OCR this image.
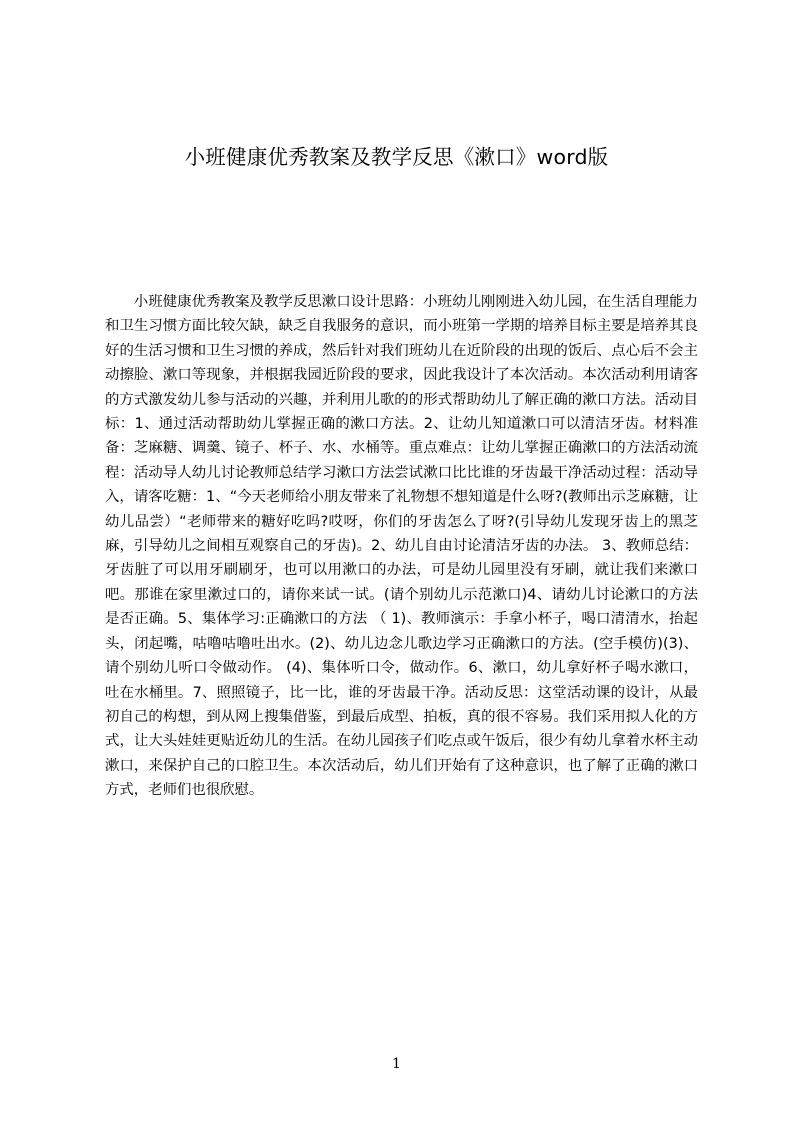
小班健康优秀教案及教学反思《漱口》word版

小班健康优秀教案及教学反思漱口设计思路：小班幼儿刚刚进入幼儿园，在生活自理能力和卫生习惯方面比较欠缺，缺乏自我服务的意识，而小班第一学期的培养目标主要是培养其良好的生活习惯和卫生习惯的养成，然后针对我们班幼儿在近阶段的出现的饭后、点心后不会主动擦脸、漱口等现象，并根据我园近阶段的要求，因此我设计了本次活动。本次活动利用请客的方式激发幼儿参与活动的兴趣，并利用儿歌的的形式帮助幼儿了解正确的漱口方法。活动目标：1、通过活动帮助幼儿掌握正确的漱口方法。2、让幼儿知道漱口可以清洁牙齿。材料准备：芝麻糖、调羹、镜子、杯子、水、水桶等。重点难点：让幼儿掌握正确漱口的方法活动流程：活动导人幼儿讨论教师总结学习漱口方法尝试漱口比比谁的牙齿最干净活动过程：活动导入，请客吃糖：1、“今天老师给小朋友带来了礼物想不想知道是什么呀?(教师出示芝麻糖，让幼儿品尝）“老师带来的糖好吃吗?哎呀，你们的牙齿怎么了呀?(引导幼儿发现牙齿上的黑芝麻，引导幼儿之间相互观察自己的牙齿)。2、幼儿自由讨论清洁牙齿的办法。 3、教师总结：牙齿脏了可以用牙刷刷牙，也可以用漱口的办法，可是幼儿园里没有牙刷，就让我们来漱口吧。那谁在家里漱过口的，请你来试一试。(请个别幼儿示范漱口)4、请幼儿讨论漱口的方法是否正确。5、集体学习:正确漱口的方法 （ 1)、教师演示：手拿小杯子，喝口清清水，抬起头，闭起嘴，咕噜咕噜吐出水。(2)、幼儿边念儿歌边学习正确漱口的方法。(空手模仿)(3)、请个别幼儿听口令做动作。 (4)、集体听口令，做动作。6、漱口，幼儿拿好杯子喝水漱口，吐在水桶里。7、照照镜子，比一比，谁的牙齿最干净。活动反思：这堂活动课的设计，从最初自己的构想，到从网上搜集借鉴，到最后成型、拍板，真的很不容易。我们采用拟人化的方式，让大头娃娃更贴近幼儿的生活。在幼儿园孩子们吃点或午饭后，很少有幼儿拿着水杯主动漱口，来保护自己的口腔卫生。本次活动后，幼儿们开始有了这种意识，也了解了正确的漱口方式，老师们也很欣慰。

1
